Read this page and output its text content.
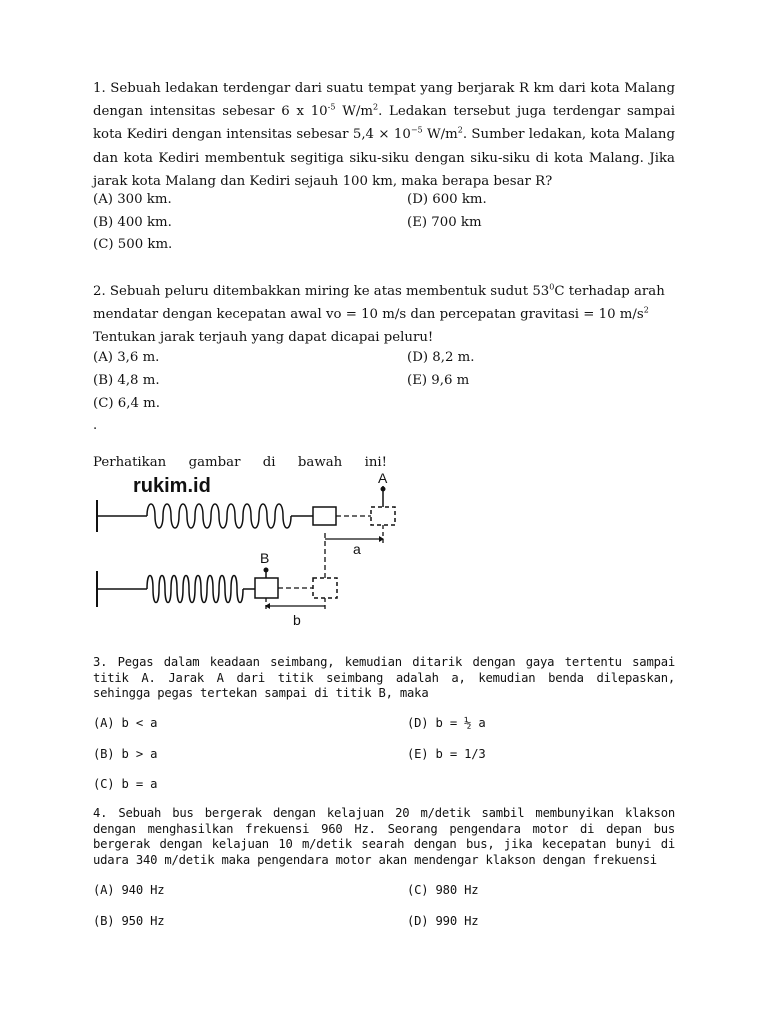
1. Sebuah ledakan terdengar dari suatu tempat yang berjarak R km dari kota Malang dengan intensitas sebesar 6 x $10^{-5}$ $W/m^2$. Ledakan tersebut juga terdengar sampai kota Kediri dengan intensitas sebesar $5,4 \times 10^{-5}$ $W/m^2$. Sumber ledakan, kota Malang dan kota Kediri membentuk segitiga siku-siku dengan siku-siku di kota Malang. Jika jarak kota Malang dan Kediri sejauh 100 km, maka berapa besar R?
(A) 300 km.
(B) 400 km.
(C) 500 km.
(D) 600 km.
(E) 700 km
2. Sebuah peluru ditembakkan miring ke atas membentuk sudut $53^0C$ terhadap arah mendatar dengan kecepatan awal vo = 10 m/s dan percepatan gravitasi = 10 $m/s^2$ Tentukan jarak terjauh yang dapat dicapai peluru!
(A) 3,6 m.
(B) 4,8 m.
(C) 6,4 m.
(D) 8,2 m.
(E) 9,6 m
.
Perhatikan gambar di bawah ini!
rukim.id	A
a
B
b
3. Pegas dalam keadaan seimbang, kemudian ditarik dengan gaya tertentu sampai titik A. Jarak A dari titik seimbang adalah a, kemudian benda dilepaskan, sehingga pegas tertekan sampai di titik B, maka
(A) b < a
(B) b > a
(C) b = a
(D) b = ½ a
(E) b = 1/3
4. Sebuah bus bergerak dengan kelajuan 20 m/detik sambil membunyikan klakson dengan menghasilkan frekuensi 960 Hz. Seorang pengendara motor di depan bus bergerak dengan kelajuan 10 m/detik searah dengan bus, jika kecepatan bunyi di udara 340 m/detik maka pengendara motor akan mendengar klakson dengan frekuensi
(A) 940 Hz
(B) 950 Hz
(C) 980 Hz
(D) 990 Hz
